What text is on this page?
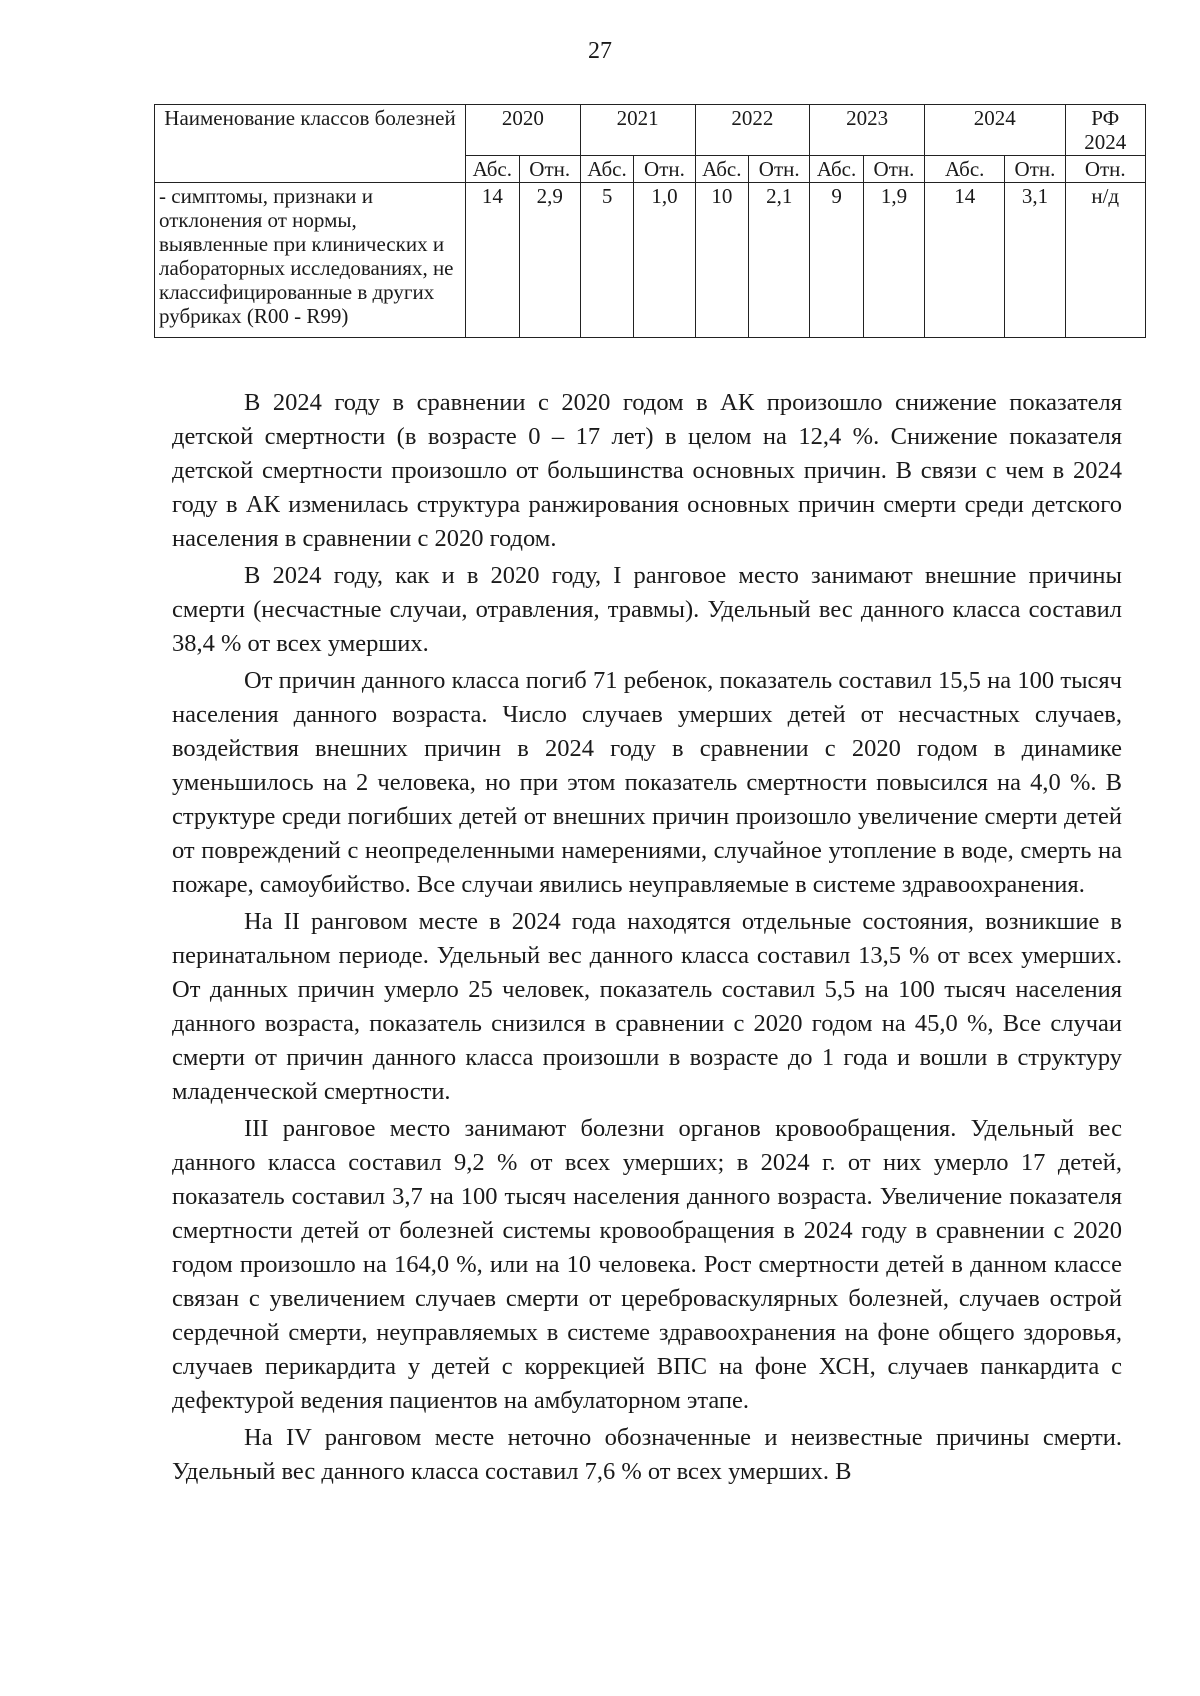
27
Наименование классов болезней	2020		2021		2022		2023		2024		РФ 2024
	Абс.	Отн.	Абс.	Отн.	Абс.	Отн.	Абс.	Отн.	Абс.	Отн.	Отн.
- симптомы, признаки и отклонения от нормы, выявленные при клинических и лабораторных исследованиях, не классифицированные в других рубриках (R00 - R99)	14	2,9	5	1,0	10	2,1	9	1,9	14	3,1	н/д

В 2024 году в сравнении с 2020 годом в АК произошло снижение показателя детской смертности (в возрасте 0 – 17 лет) в целом на 12,4 %. Снижение показателя детской смертности произошло от большинства основных причин. В связи с чем в 2024 году в АК изменилась структура ранжирования основных причин смерти среди детского населения в сравнении с 2020 годом.

В 2024 году, как и в 2020 году, I ранговое место занимают внешние причины смерти (несчастные случаи, отравления, травмы). Удельный вес данного класса составил 38,4 % от всех умерших.

От причин данного класса погиб 71 ребенок, показатель составил 15,5 на 100 тысяч населения данного возраста. Число случаев умерших детей от несчастных случаев, воздействия внешних причин в 2024 году в сравнении с 2020 годом в динамике уменьшилось на 2 человека, но при этом показатель смертности повысился на 4,0 %. В структуре среди погибших детей от внешних причин произошло увеличение смерти детей от повреждений с неопределенными намерениями, случайное утопление в воде, смерть на пожаре, самоубийство. Все случаи явились неуправляемые в системе здравоохранения.

На II ранговом месте в 2024 года находятся отдельные состояния, возникшие в перинатальном периоде. Удельный вес данного класса составил 13,5 % от всех умерших. От данных причин умерло 25 человек, показатель составил 5,5 на 100 тысяч населения данного возраста, показатель снизился в сравнении с 2020 годом на 45,0 %, Все случаи смерти от причин данного класса произошли в возрасте до 1 года и вошли в структуру младенческой смертности.

III ранговое место занимают болезни органов кровообращения. Удельный вес данного класса составил 9,2 % от всех умерших; в 2024 г. от них умерло 17 детей, показатель составил 3,7 на 100 тысяч населения данного возраста. Увеличение показателя смертности детей от болезней системы кровообращения в 2024 году в сравнении с 2020 годом произошло на 164,0 %, или на 10 человека. Рост смертности детей в данном классе связан с увеличением случаев смерти от цереброваскулярных болезней, случаев острой сердечной смерти, неуправляемых в системе здравоохранения на фоне общего здоровья, случаев перикардита у детей с коррекцией ВПС на фоне ХСН, случаев панкардита с дефектурой ведения пациентов на амбулаторном этапе.

На IV ранговом месте неточно обозначенные и неизвестные причины смерти. Удельный вес данного класса составил 7,6 % от всех умерших. В
